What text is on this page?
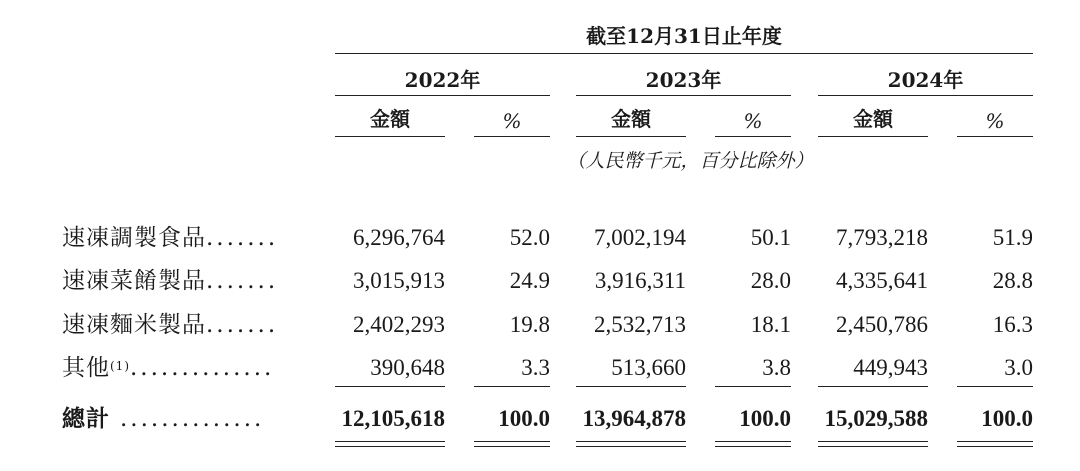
截至12月31日止年度
2022年	2023年	2024年
金額	%	金額	%	金額	%
（人民幣千元，百分比除外）
速凍調製食品.......	6,296,764	52.0	7,002,194	50.1	7,793,218	51.9
速凍菜餚製品.......	3,015,913	24.9	3,916,311	28.0	4,335,641	28.8
速凍麵米製品.......	2,402,293	19.8	2,532,713	18.1	2,450,786	16.3
其他$^{(1)}$..............	390,648	3.3	513,660	3.8	449,943	3.0
總計 ..............	12,105,618	100.0	13,964,878	100.0	15,029,588	100.0
